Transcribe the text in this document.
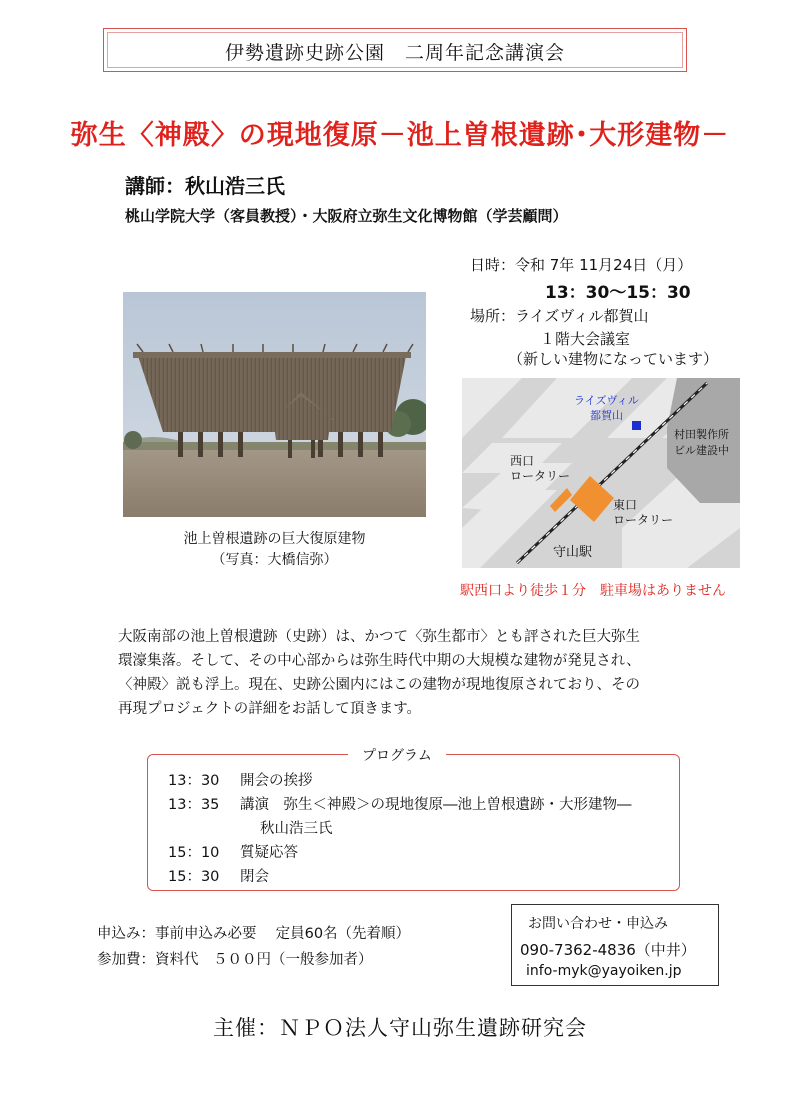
伊勢遺跡史跡公園　二周年記念講演会
弥生〈神殿〉の現地復原－池上曽根遺跡･大形建物－
講師：秋山浩三氏
桃山学院大学（客員教授）・大阪府立弥生文化博物館（学芸顧問）
日時：令和 7年 11月24日（月）
13：30〜15：30
場所：ライズヴィル都賀山
１階大会議室
（新しい建物になっています）
池上曽根遺跡の巨大復原建物
（写真：大橋信弥）
ライズヴィル
都賀山
村田製作所
ビル建設中
西口
ロータリー
東口
ロータリー
守山駅
駅西口より徒歩１分　駐車場はありません
大阪南部の池上曽根遺跡（史跡）は、かつて〈弥生都市〉とも評された巨大弥生
環濠集落。そして、その中心部からは弥生時代中期の大規模な建物が発見され、
〈神殿〉説も浮上。現在、史跡公園内にはこの建物が現地復原されており、その
再現プロジェクトの詳細をお話して頂きます。
プログラム
13：30 開会の挨拶
13：35 講演　弥生＜神殿＞の現地復原―池上曽根遺跡・大形建物―
秋山浩三氏
15：10 質疑応答
15：30 閉会
申込み：事前申込み必要　 定員60名（先着順）
参加費：資料代　５００円（一般参加者）
お問い合わせ・申込み
090-7362-4836（中井）
info-myk@yayoiken.jp
主催：ＮＰＯ法人守山弥生遺跡研究会
